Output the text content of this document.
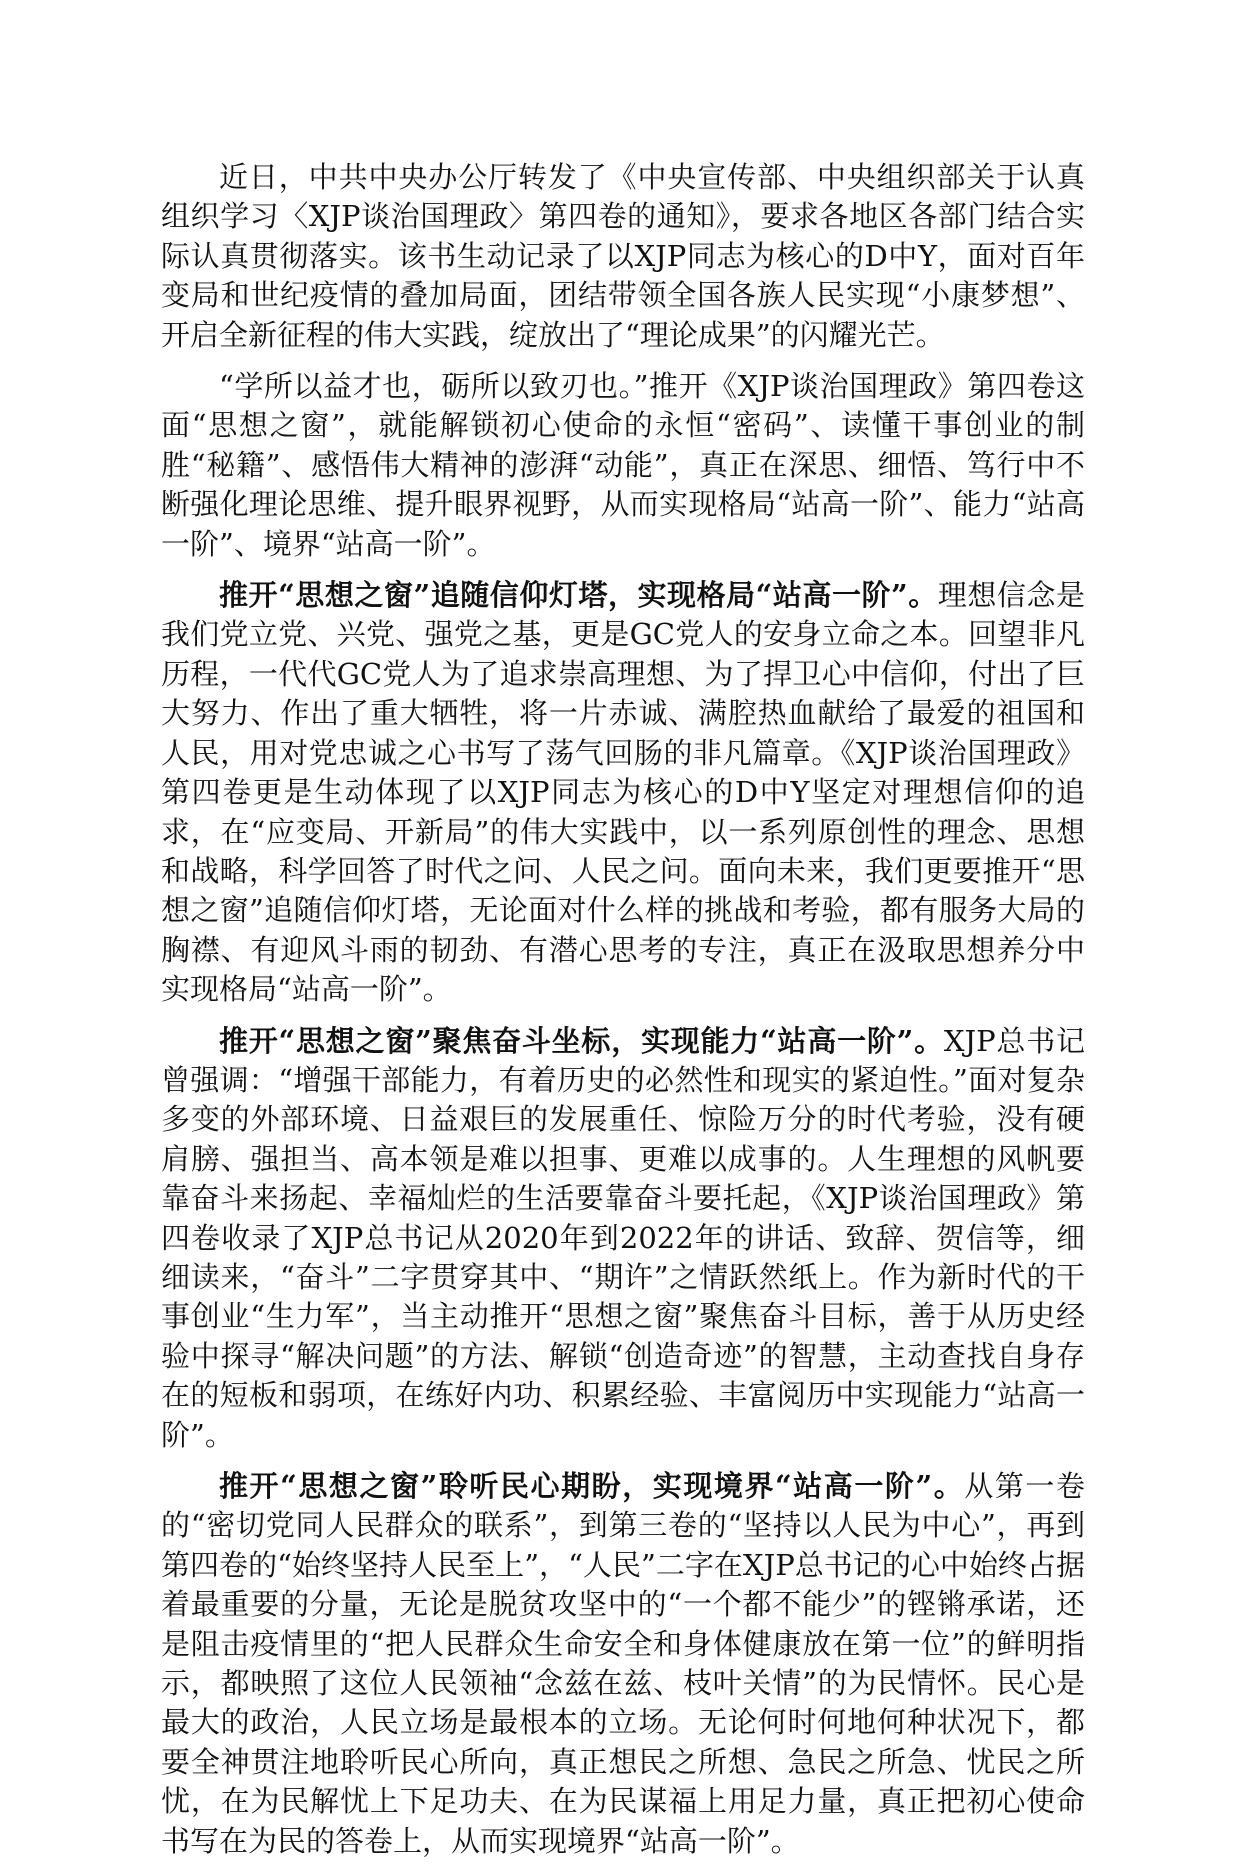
近日，中共中央办公厅转发了《中央宣传部、中央组织部关于认真组织学习〈XJP谈治国理政〉第四卷的通知》，要求各地区各部门结合实际认真贯彻落实。该书生动记录了以XJP同志为核心的D中Y，面对百年变局和世纪疫情的叠加局面，团结带领全国各族人民实现“小康梦想”、开启全新征程的伟大实践，绽放出了“理论成果”的闪耀光芒。

“学所以益才也，砺所以致刃也。”推开《XJP谈治国理政》第四卷这面“思想之窗”，就能解锁初心使命的永恒“密码”、读懂干事创业的制胜“秘籍”、感悟伟大精神的澎湃“动能”，真正在深思、细悟、笃行中不断强化理论思维、提升眼界视野，从而实现格局“站高一阶”、能力“站高一阶”、境界“站高一阶”。

推开“思想之窗”追随信仰灯塔，实现格局“站高一阶”。理想信念是我们党立党、兴党、强党之基，更是GC党人的安身立命之本。回望非凡历程，一代代GC党人为了追求崇高理想、为了捍卫心中信仰，付出了巨大努力、作出了重大牺牲，将一片赤诚、满腔热血献给了最爱的祖国和人民，用对党忠诚之心书写了荡气回肠的非凡篇章。《XJP谈治国理政》第四卷更是生动体现了以XJP同志为核心的D中Y坚定对理想信仰的追求，在“应变局、开新局”的伟大实践中，以一系列原创性的理念、思想和战略，科学回答了时代之问、人民之问。面向未来，我们更要推开“思想之窗”追随信仰灯塔，无论面对什么样的挑战和考验，都有服务大局的胸襟、有迎风斗雨的韧劲、有潜心思考的专注，真正在汲取思想养分中实现格局“站高一阶”。

推开“思想之窗”聚焦奋斗坐标，实现能力“站高一阶”。XJP总书记曾强调：“增强干部能力，有着历史的必然性和现实的紧迫性。”面对复杂多变的外部环境、日益艰巨的发展重任、惊险万分的时代考验，没有硬肩膀、强担当、高本领是难以担事、更难以成事的。人生理想的风帆要靠奋斗来扬起、幸福灿烂的生活要靠奋斗要托起，《XJP谈治国理政》第四卷收录了XJP总书记从2020年到2022年的讲话、致辞、贺信等，细细读来，“奋斗”二字贯穿其中、“期许”之情跃然纸上。作为新时代的干事创业“生力军”，当主动推开“思想之窗”聚焦奋斗目标，善于从历史经验中探寻“解决问题”的方法、解锁“创造奇迹”的智慧，主动查找自身存在的短板和弱项，在练好内功、积累经验、丰富阅历中实现能力“站高一阶”。

推开“思想之窗”聆听民心期盼，实现境界“站高一阶”。从第一卷的“密切党同人民群众的联系”，到第三卷的“坚持以人民为中心”，再到第四卷的“始终坚持人民至上”，“人民”二字在XJP总书记的心中始终占据着最重要的分量，无论是脱贫攻坚中的“一个都不能少”的铿锵承诺，还是阻击疫情里的“把人民群众生命安全和身体健康放在第一位”的鲜明指示，都映照了这位人民领袖“念兹在兹、枝叶关情”的为民情怀。民心是最大的政治，人民立场是最根本的立场。无论何时何地何种状况下，都要全神贯注地聆听民心所向，真正想民之所想、急民之所急、忧民之所忧，在为民解忧上下足功夫、在为民谋福上用足力量，真正把初心使命书写在为民的答卷上，从而实现境界“站高一阶”。
